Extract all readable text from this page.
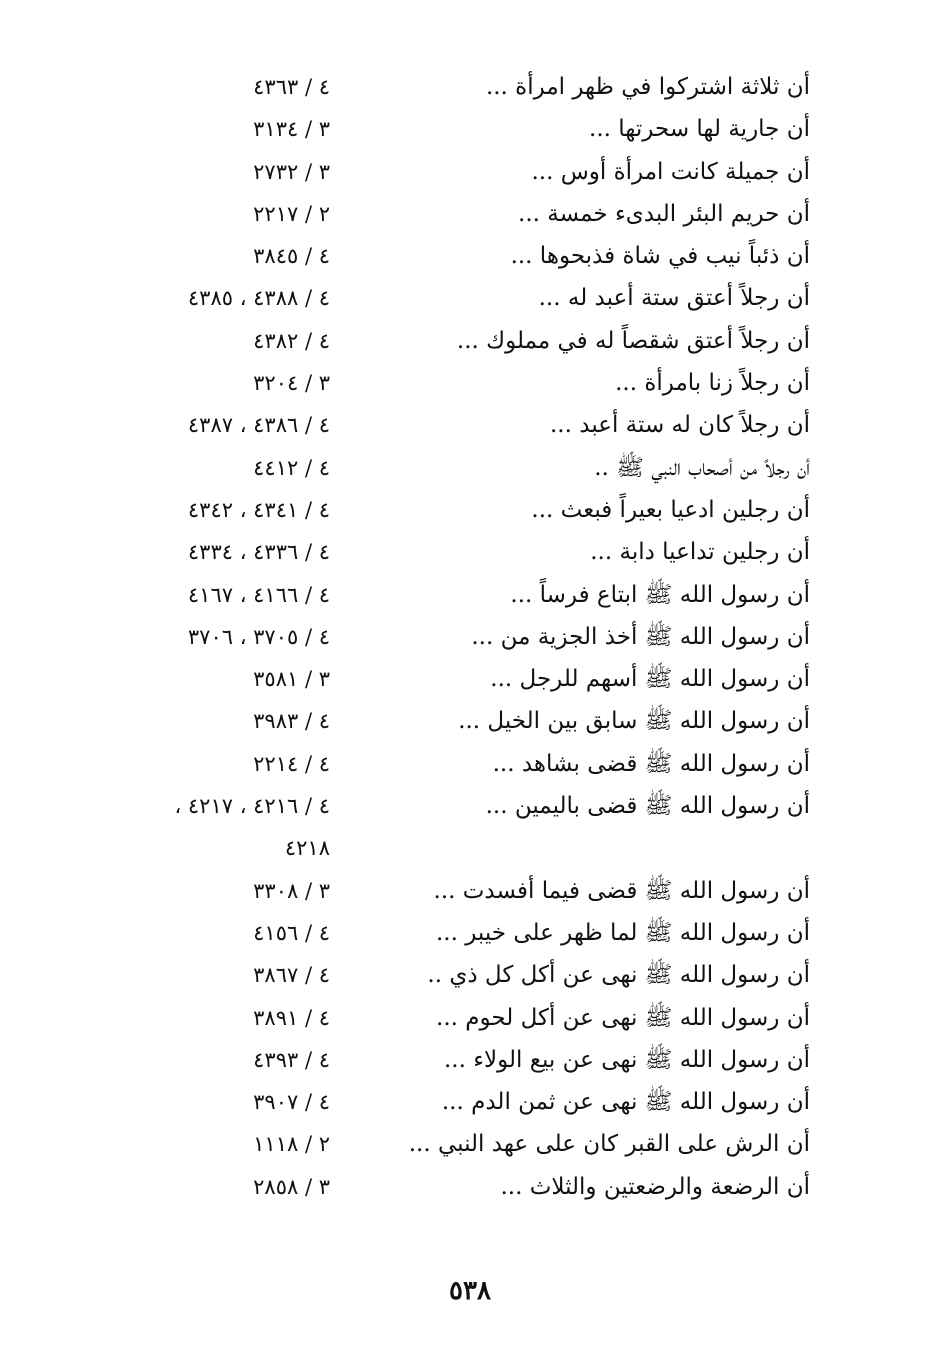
أن ثلاثة اشتركوا في ظهر امرأة ...
٤ / ٤٣٦٣
أن جارية لها سحرتها ...
٣ / ٣١٣٤
أن جميلة كانت امرأة أوس ...
٣ / ٢٧٣٢
أن حريم البئر البدىء خمسة ...
٢ / ٢٢١٧
أن ذئباً نيب في شاة فذبحوها ...
٤ / ٣٨٤٥
أن رجلاً أعتق ستة أعبد له ...
٤ / ٤٣٨٨ ، ٤٣٨٥
أن رجلاً أعتق شقصاً له في مملوك ...
٤ / ٤٣٨٢
أن رجلاً زنا بامرأة ...
٣ / ٣٢٠٤
أن رجلاً كان له ستة أعبد ...
٤ / ٤٣٨٦ ، ٤٣٨٧
أن رجلاً من أصحاب النبي ﷺ ..
٤ / ٤٤١٢
أن رجلين ادعيا بعيراً فبعث ...
٤ / ٤٣٤١ ، ٤٣٤٢
أن رجلين تداعيا دابة ...
٤ / ٤٣٣٦ ، ٤٣٣٤
أن رسول الله ﷺ ابتاع فرساً ...
٤ / ٤١٦٦ ، ٤١٦٧
أن رسول الله ﷺ أخذ الجزية من ...
٤ / ٣٧٠٥ ، ٣٧٠٦
أن رسول الله ﷺ أسهم للرجل ...
٣ / ٣٥٨١
أن رسول الله ﷺ سابق بين الخيل ...
٤ / ٣٩٨٣
أن رسول الله ﷺ قضى بشاهد ...
٤ / ٢٢١٤
أن رسول الله ﷺ قضى باليمين ...
٤ / ٤٢١٦ ، ٤٢١٧ ،
٤٢١٨
أن رسول الله ﷺ قضى فيما أفسدت ...
٣ / ٣٣٠٨
أن رسول الله ﷺ لما ظهر على خيبر ...
٤ / ٤١٥٦
أن رسول الله ﷺ نهى عن أكل كل ذي ..
٤ / ٣٨٦٧
أن رسول الله ﷺ نهى عن أكل لحوم ...
٤ / ٣٨٩١
أن رسول الله ﷺ نهى عن بيع الولاء ...
٤ / ٤٣٩٣
أن رسول الله ﷺ نهى عن ثمن الدم ...
٤ / ٣٩٠٧
أن الرش على القبر كان على عهد النبي ...
٢ / ١١١٨
أن الرضعة والرضعتين والثلاث ...
٣ / ٢٨٥٨
٥٣٨
